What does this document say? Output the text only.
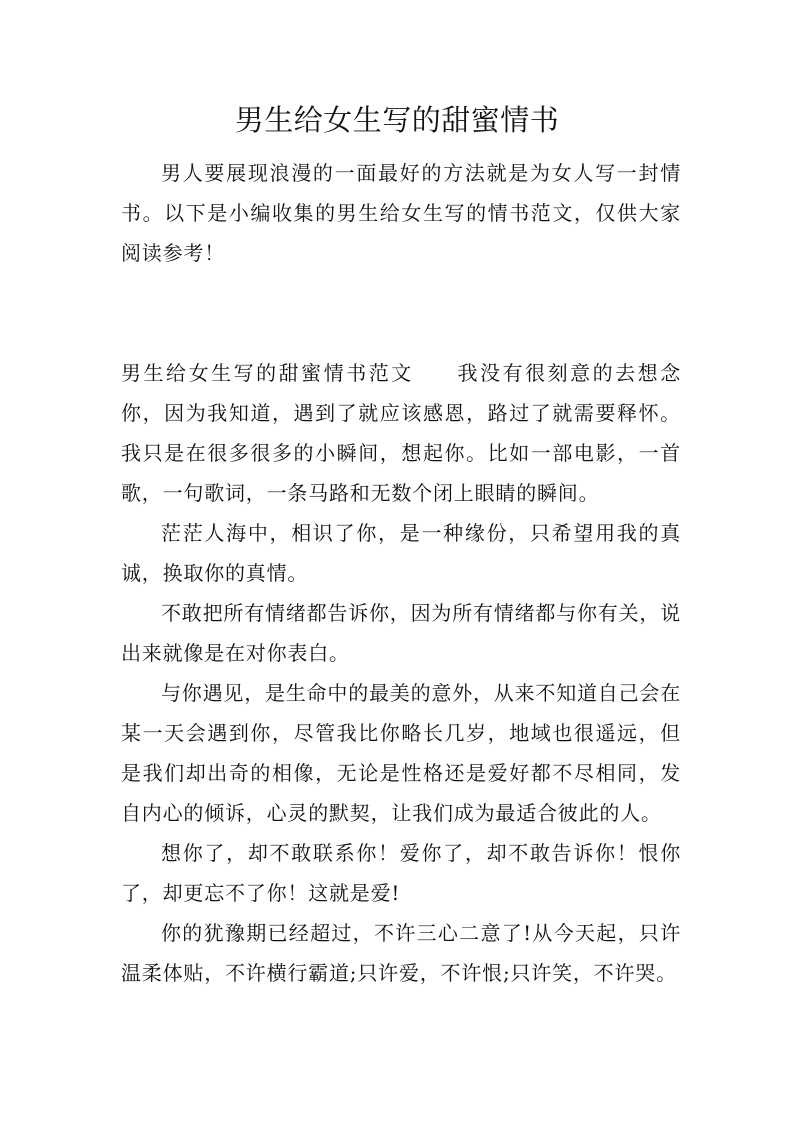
男生给女生写的甜蜜情书

男人要展现浪漫的一面最好的方法就是为女人写一封情书。以下是小编收集的男生给女生写的情书范文，仅供大家阅读参考！

男生给女生写的甜蜜情书范文 我没有很刻意的去想念你，因为我知道，遇到了就应该感恩，路过了就需要释怀。我只是在很多很多的小瞬间，想起你。比如一部电影，一首歌，一句歌词，一条马路和无数个闭上眼睛的瞬间。

茫茫人海中，相识了你，是一种缘份，只希望用我的真诚，换取你的真情。

不敢把所有情绪都告诉你，因为所有情绪都与你有关，说出来就像是在对你表白。

与你遇见，是生命中的最美的意外，从来不知道自己会在某一天会遇到你，尽管我比你略长几岁，地域也很遥远，但是我们却出奇的相像，无论是性格还是爱好都不尽相同，发自内心的倾诉，心灵的默契，让我们成为最适合彼此的人。

想你了，却不敢联系你！爱你了，却不敢告诉你！恨你了，却更忘不了你！这就是爱!

你的犹豫期已经超过，不许三心二意了!从今天起，只许温柔体贴，不许横行霸道;只许爱，不许恨;只许笑，不许哭。
